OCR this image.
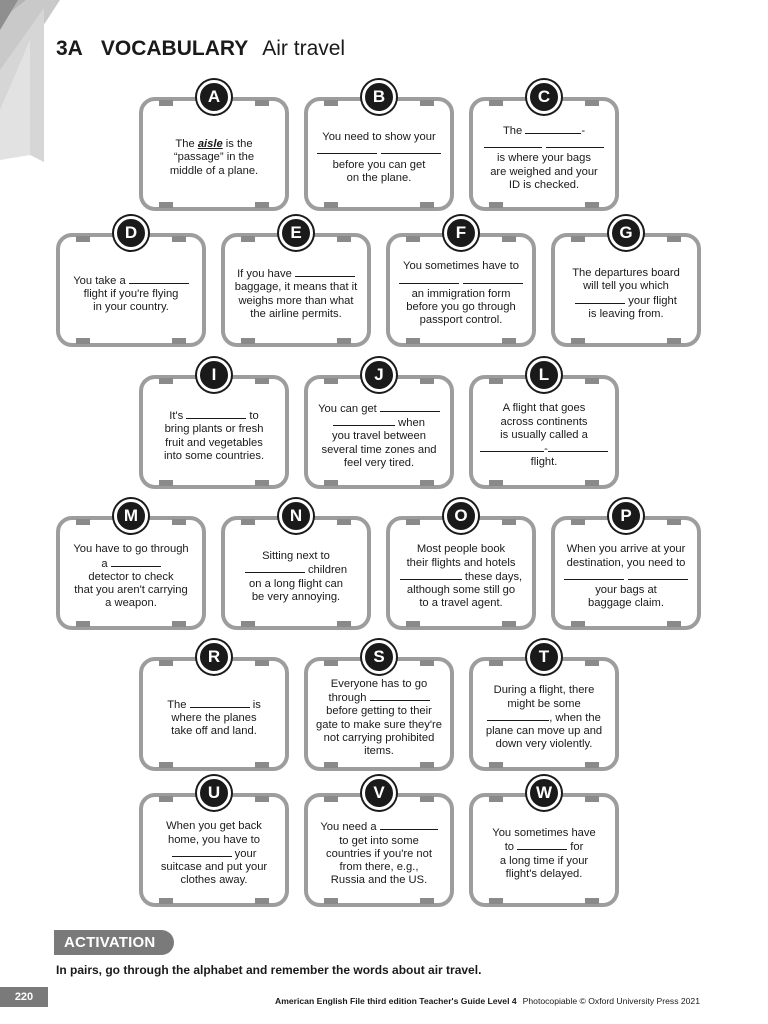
3A VOCABULARY Air travel
A
The aisle is the
“passage” in the
middle of a plane.
B
You need to show your

before you can get
on the plane.
C
The	-

is where your bags
are weighed and your
ID is checked.
D
You take a
flight if you're flying
in your country.
E
If you have
baggage, it means that it
weighs more than what
the airline permits.
F
You sometimes have to

an immigration form
before you go through
passport control.
G
The departures board
will tell you which
your flight
is leaving from.
I
It's	to
bring plants or fresh
fruit and vegetables
into some countries.
J
You can get
when
you travel between
several time zones and
feel very tired.
L
A flight that goes
across continents
is usually called a
-
flight.
M
You have to go through
a
detector to check
that you aren't carrying
a weapon.
N
Sitting next to
children
on a long flight can
be very annoying.
O
Most people book
their flights and hotels
these days,
although some still go
to a travel agent.
P
When you arrive at your
destination, you need to

your bags at
baggage claim.
R
The	is
where the planes
take off and land.
S
Everyone has to go
through
before getting to their
gate to make sure they're
not carrying prohibited
items.
T
During a flight, there
might be some
, when the
plane can move up and
down very violently.
U
When you get back
home, you have to
your
suitcase and put your
clothes away.
V
You need a
to get into some
countries if you're not
from there, e.g.,
Russia and the US.
W
You sometimes have
to	for
a long time if your
flight's delayed.
ACTIVATION
In pairs, go through the alphabet and remember the words about air travel.
220	American English File third edition Teacher's Guide Level 4 Photocopiable © Oxford University Press 2021
